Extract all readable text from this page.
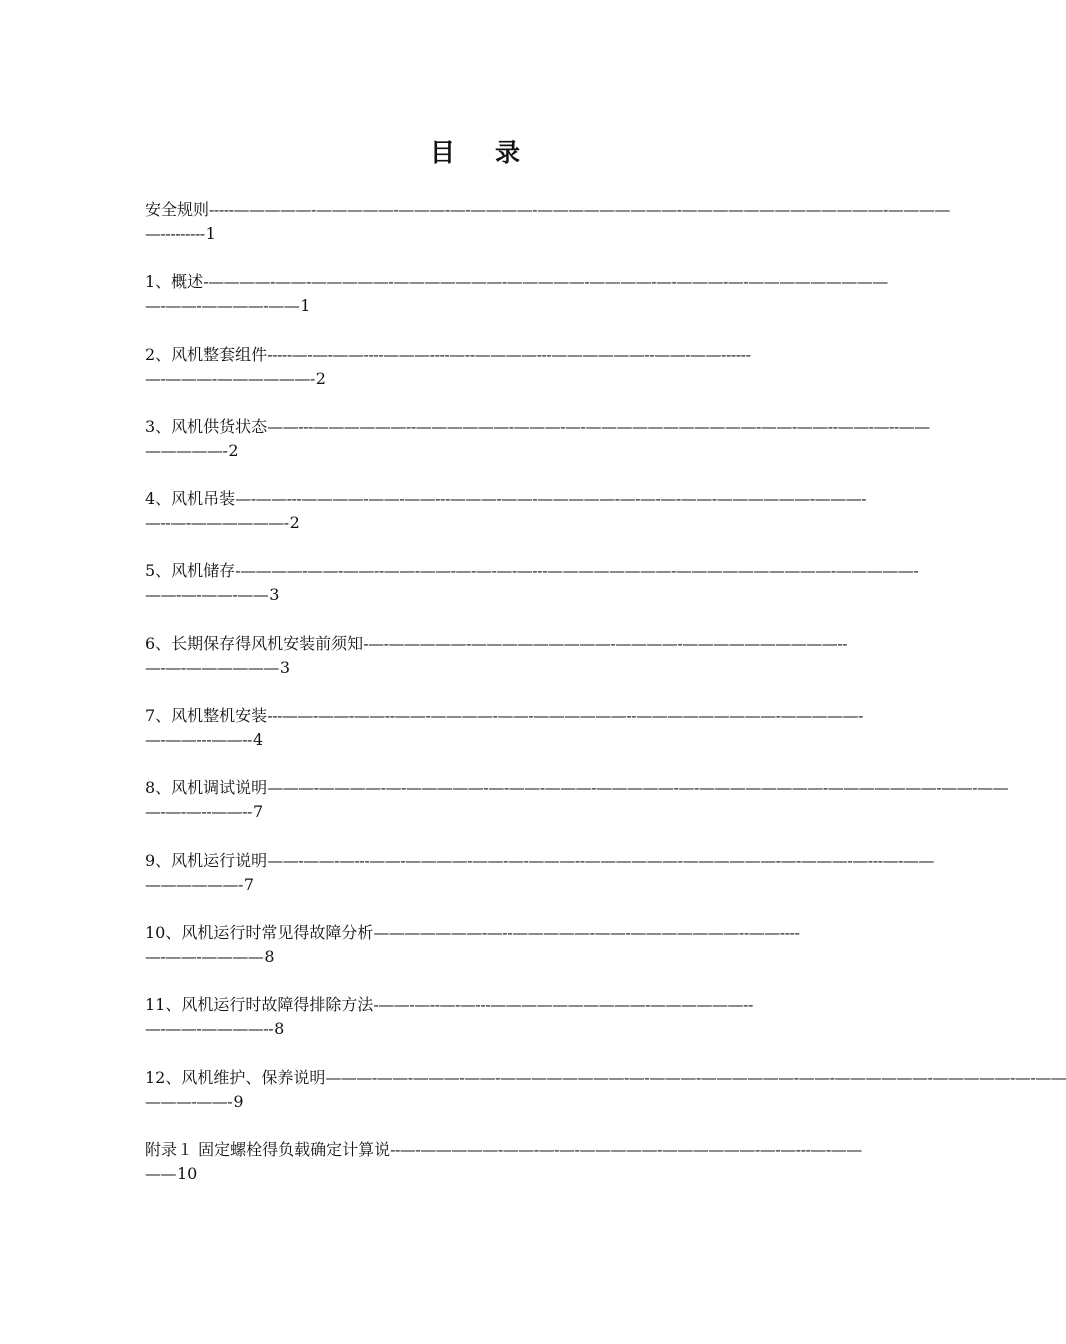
目 录
安全规则-----—————-—————-———-—-————-—————————-—————————————-————
—---------1
1、概述-————-——-—————-———————-—————-————-—-———-—-—————————
—-——-————-——1
2、风机整套组件-----—-—-——----———----—--————---——————--——-——------
—-———-——————-2
3、风机供货状态——---——————--——————-———-—-———————————-——-——--——-—--——
—————-2
4、风机吊装—-——---————-——-——---———-——-—————-—-—-—-——-——————-———-
—--—-——————-2
5、风机储存-————-——-——--——-——-—-—-—-—---————————-——————————-—————-
——-—-——-——3
6、长期保存得风机安装前须知-—-—————-—————————-————-——————————--
—-—-——————3
7、风机整机安装---——-——-——--——-————-——-——————--—————————-—————-
—-——---——--4
8、风机调试说明———-————-—-—————-—-——-———-—————-—-————————-———————-——-——
—-—-—--——--7
9、风机运行说明——-——-—---——-————-——-—-———--——————-——————-—-———-—---—-——
——————-7
10、风机运行时常见得故障分析———————-—--—————-——-———————--——----
—-——-————8
11、风机运行时故障得排除方法-——-—--—-—---——————————-——————--
—-——-————--8
12、风机维护、保养说明———-——-———-——-————————-—-———-——————-——-——————-—————-—-——
———-——-9
附录１ 固定螺栓得负载确定计算说--—-—————-——-—-—-—————-——————-—-—---—-——
——10
